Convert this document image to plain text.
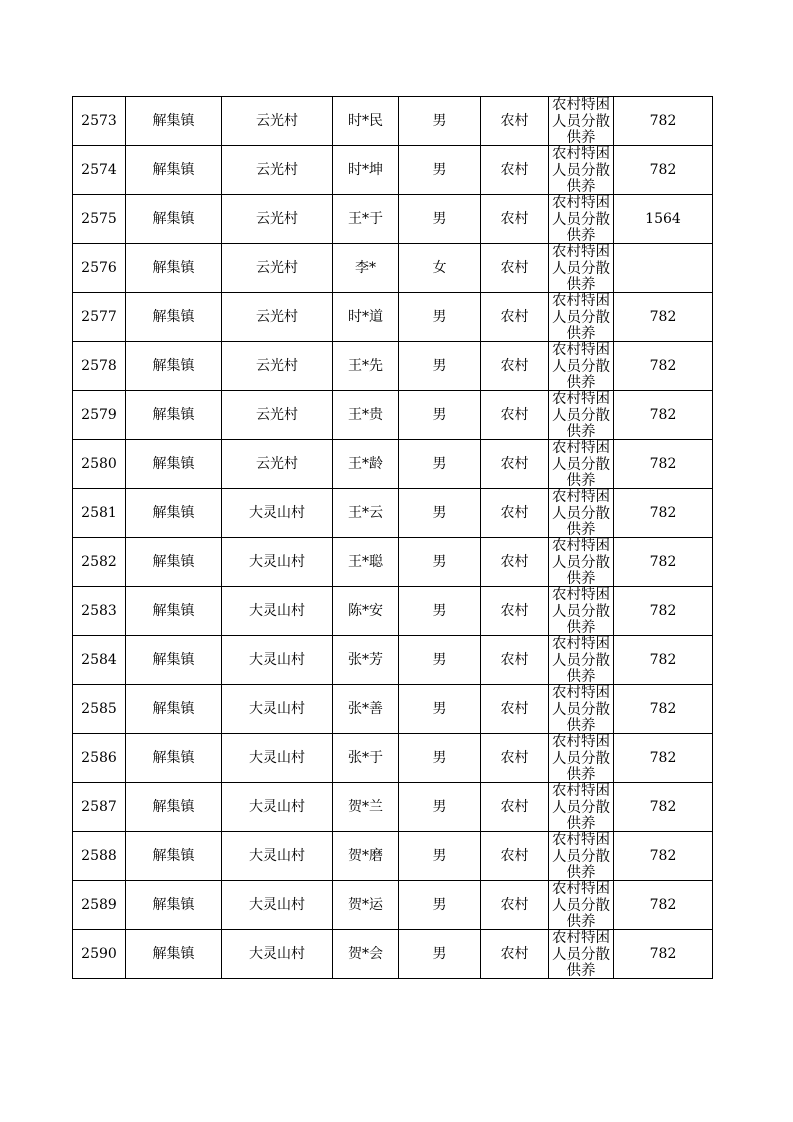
2573	解集镇	云光村	时*民	男	农村	农村特困人员分散供养	782
2574	解集镇	云光村	时*坤	男	农村	农村特困人员分散供养	782
2575	解集镇	云光村	王*于	男	农村	农村特困人员分散供养	1564
2576	解集镇	云光村	李*	女	农村	农村特困人员分散供养	

2577	解集镇	云光村	时*道	男	农村	农村特困人员分散供养	782
2578	解集镇	云光村	王*先	男	农村	农村特困人员分散供养	782
2579	解集镇	云光村	王*贵	男	农村	农村特困人员分散供养	782
2580	解集镇	云光村	王*龄	男	农村	农村特困人员分散供养	782
2581	解集镇	大灵山村	王*云	男	农村	农村特困人员分散供养	782
2582	解集镇	大灵山村	王*聪	男	农村	农村特困人员分散供养	782
2583	解集镇	大灵山村	陈*安	男	农村	农村特困人员分散供养	782
2584	解集镇	大灵山村	张*芳	男	农村	农村特困人员分散供养	782
2585	解集镇	大灵山村	张*善	男	农村	农村特困人员分散供养	782
2586	解集镇	大灵山村	张*于	男	农村	农村特困人员分散供养	782
2587	解集镇	大灵山村	贺*兰	男	农村	农村特困人员分散供养	782
2588	解集镇	大灵山村	贺*磨	男	农村	农村特困人员分散供养	782
2589	解集镇	大灵山村	贺*运	男	农村	农村特困人员分散供养	782
2590	解集镇	大灵山村	贺*会	男	农村	农村特困人员分散供养	782
